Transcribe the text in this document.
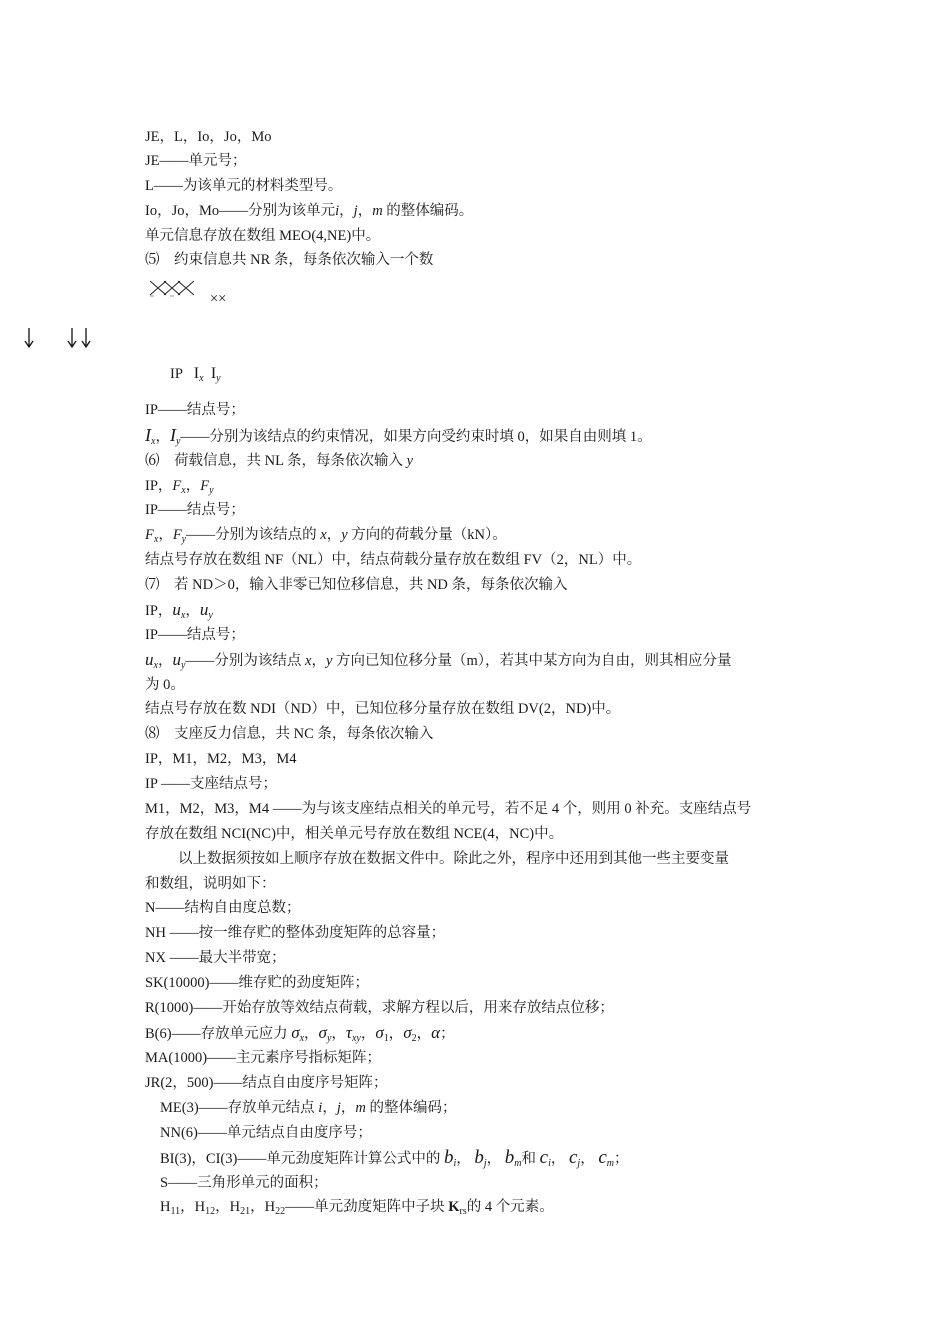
JE，L，Io，Jo，Mo
JE——单元号；
L——为该单元的材料类型号。
Io，Jo，Mo——分别为该单元i，j，m 的整体编码。
单元信息存放在数组 MEO(4,NE)中。
⑸　约束信息共 NR 条，每条依次输入一个数
××
IP $I_x$ $I_y$
IP——结点号；
$I_x$，$I_y——$分别为该结点的约束情况，如果方向受约束时填 0，如果自由则填 1。
⑹　荷载信息，共 NL 条，每条依次输入 y
IP，$F_x$，$F_y$
IP——结点号；
$F_x$，$F_y——$分别为该结点的 x，y 方向的荷载分量（kN）。
结点号存放在数组 NF（NL）中，结点荷载分量存放在数组 FV（2，NL）中。
⑺　若 ND＞0，输入非零已知位移信息，共 ND 条，每条依次输入
IP，$u_x$，$u_y$
IP——结点号；
$u_x$，$u_y——$分别为该结点 x，y 方向已知位移分量（m），若其中某方向为自由，则其相应分量
为 0。
结点号存放在数 NDI（ND）中，已知位移分量存放在数组 DV(2，ND)中。
⑻　支座反力信息，共 NC 条，每条依次输入
IP，M1，M2，M3，M4
IP ——支座结点号；
M1，M2，M3，M4 ——为与该支座结点相关的单元号，若不足 4 个，则用 0 补充。支座结点号
存放在数组 NCI(NC)中，相关单元号存放在数组 NCE(4，NC)中。
以上数据须按如上顺序存放在数据文件中。除此之外，程序中还用到其他一些主要变量
和数组，说明如下：
N——结构自由度总数；
NH ——按一维存贮的整体劲度矩阵的总容量；
NX ——最大半带宽；
SK(10000)——维存贮的劲度矩阵；
R(1000)——开始存放等效结点荷载，求解方程以后，用来存放结点位移；
B(6)——存放单元应力 $\sigma_x$，$\sigma_y$，$\tau_{xy}$，$\sigma_1$，$\sigma_2$，α；
MA(1000)——主元素序号指标矩阵；
JR(2，500)——结点自由度序号矩阵；
ME(3)——存放单元结点 i，j，m 的整体编码；
NN(6)——单元结点自由度序号；
BI(3)，CI(3)——单元劲度矩阵计算公式中的 $b_i$， $b_j$， $b_m$和 $c_i$， $c_j$， $c_m$；
S——三角形单元的面积；
$H_{11}$，$H_{12}$，$H_{21}$，$H_{22}——$单元劲度矩阵中子块 $K_{rs}$的 4 个元素。
